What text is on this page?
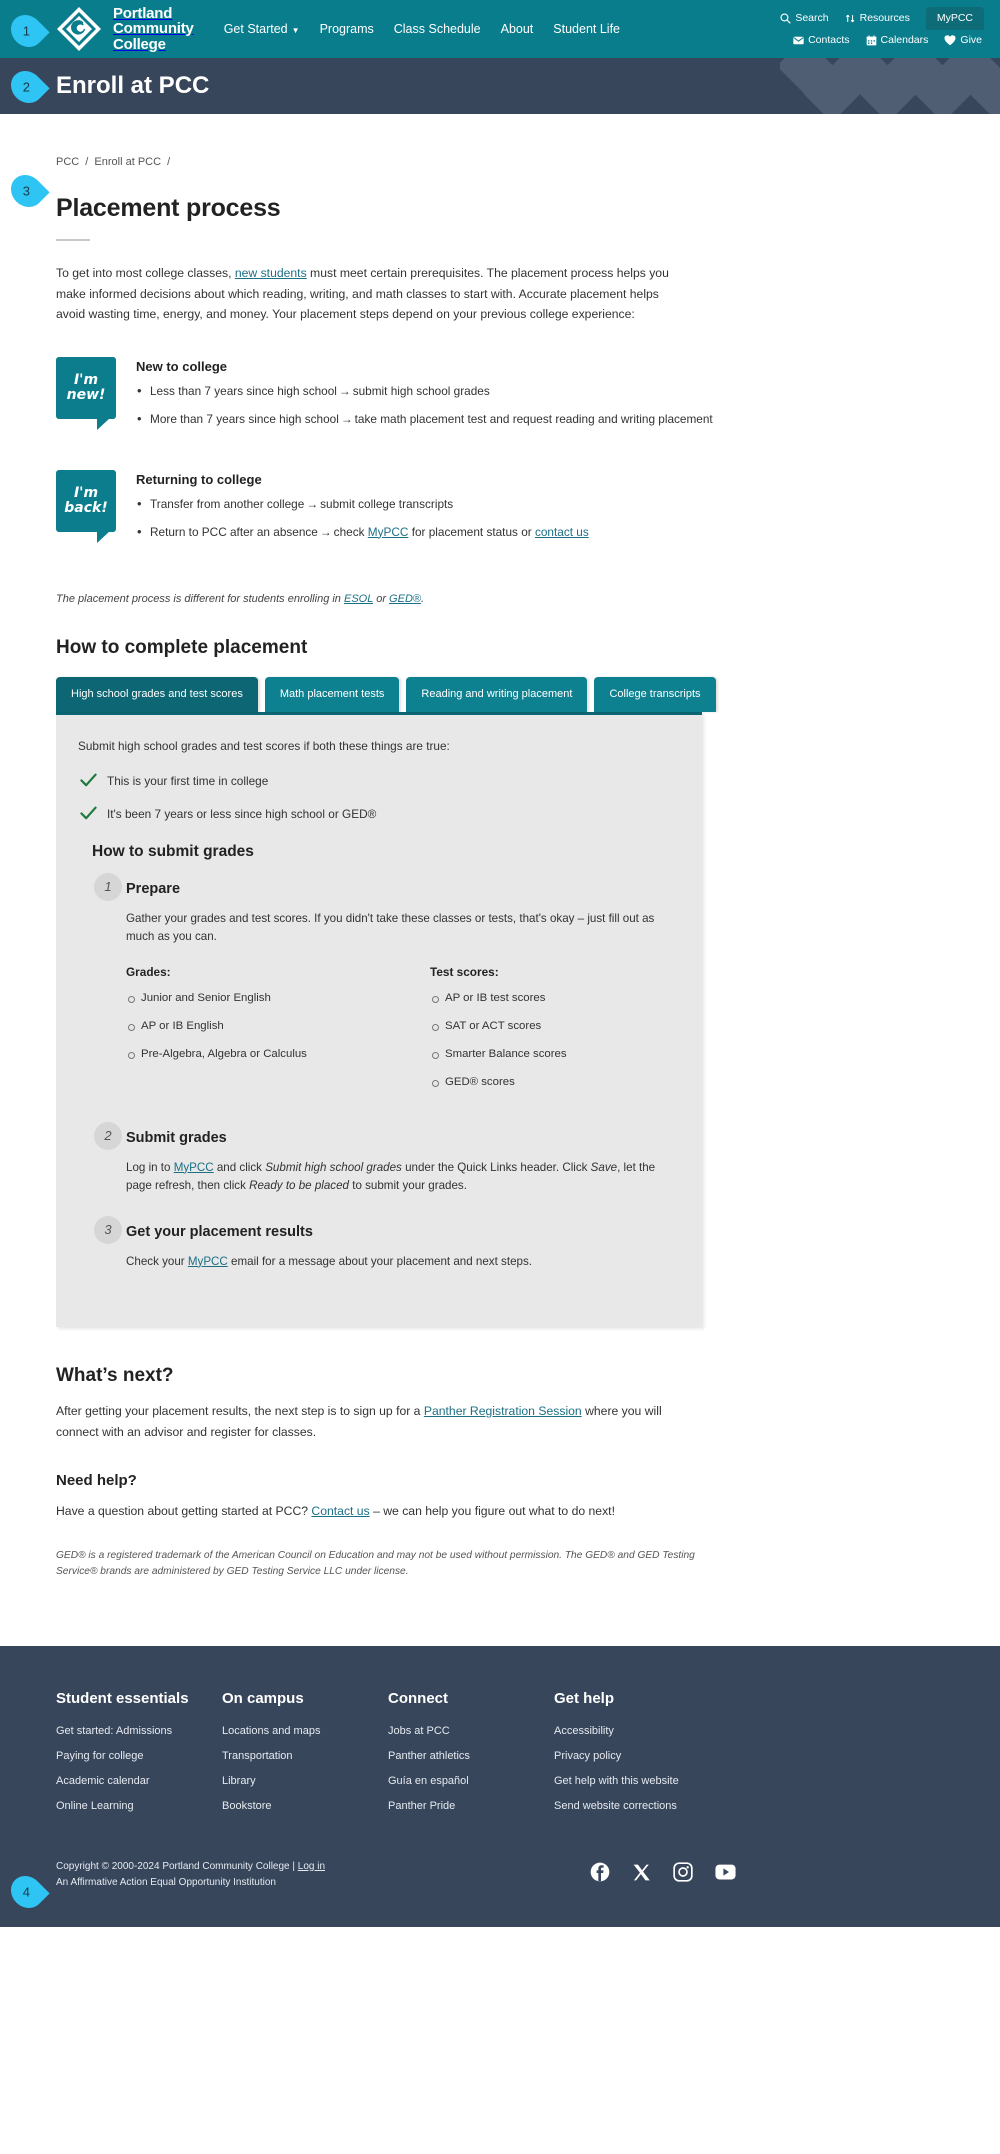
Portland
Community
College
Get Started ▼ Programs Class Schedule About Student Life
Search	Resources	MyPCC
Contacts	Calendars	Give
Enroll at PCC
PCC / Enroll at PCC /
Placement process

To get into most college classes, new students must meet certain prerequisites. The placement process helps you make informed decisions about which reading, writing, and math classes to start with. Accurate placement helps avoid wasting time, energy, and money. Your placement steps depend on your previous college experience:

I'm
new!
New to college
• Less than 7 years since high school → submit high school grades
• More than 7 years since high school → take math placement test and request reading and writing placement
I'm
back!
Returning to college
• Transfer from another college → submit college transcripts
• Return to PCC after an absence → check MyPCC for placement status or contact us

The placement process is different for students enrolling in ESOL or GED®.

How to complete placement
High school grades and test scores	Math placement tests	Reading and writing placement	College transcripts

Submit high school grades and test scores if both these things are true:

This is your first time in college
It's been 7 years or less since high school or GED®
How to submit grades
1 Prepare
Gather your grades and test scores. If you didn't take these classes or tests, that's okay – just fill out as much as you can.
Grades:
Junior and Senior English
AP or IB English
Pre-Algebra, Algebra or Calculus
Test scores:
AP or IB test scores
SAT or ACT scores
Smarter Balance scores
GED® scores
2 Submit grades
Log in to MyPCC and click Submit high school grades under the Quick Links header. Click Save, let the page refresh, then click Ready to be placed to submit your grades.
3 Get your placement results
Check your MyPCC email for a message about your placement and next steps.
What’s next?

After getting your placement results, the next step is to sign up for a Panther Registration Session where you will connect with an advisor and register for classes.

Need help?

Have a question about getting started at PCC? Contact us – we can help you figure out what to do next!

GED® is a registered trademark of the American Council on Education and may not be used without permission. The GED® and GED Testing Service® brands are administered by GED Testing Service LLC under license.

Student essentials
Get started: Admissions
Paying for college
Academic calendar
Online Learning
On campus
Locations and maps
Transportation
Library
Bookstore
Connect
Jobs at PCC
Panther athletics
Guía en español
Panther Pride
Get help
Accessibility
Privacy policy
Get help with this website
Send website corrections
Copyright © 2000-2024 Portland Community College | Log in
An Affirmative Action Equal Opportunity Institution
1
2
3
4
